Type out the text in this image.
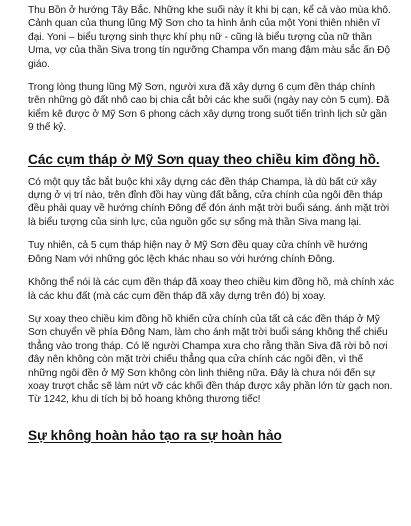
Thu Bồn ở hướng Tây Bắc. Những khe suối này ít khi bị cạn, kể cả vào mùa khô. Cảnh quan của thung lũng Mỹ Sơn cho ta hình ảnh của một Yoni thiên nhiên vĩ đại. Yoni – biểu tượng sinh thực khí phụ nữ - cũng là biểu tượng của nữ thần Uma, vợ của thần Siva trong tín ngưỡng Champa vốn mang đậm màu sắc ấn Độ giáo.

Trong lòng thung lũng Mỹ Sơn, người xưa đã xây dựng 6 cụm đền tháp chính trên những gò đất nhô cao bị chia cắt bởi các khe suối (ngày nay còn 5 cụm). Đã kiểm kê được ở Mỹ Sơn 6 phong cách xây dựng trong suốt tiến trình lịch sử gần 9 thế kỷ.

Các cụm tháp ở Mỹ Sơn quay theo chiều kim đồng hồ.

Có một quy tắc bắt buộc khi xây dựng các đền tháp Champa, là dù bất cứ xây dựng ở vị trí nào, trên đỉnh đồi hay vùng đất bằng, cửa chính của ngôi đền tháp đều phải quay về hướng chính Đông để đón ánh mặt trời buổi sáng. ánh mặt trời là biểu tượng của sinh lực, của nguồn gốc sự sống mà thần Siva mang lại.

Tuy nhiên, cả 5 cụm tháp hiện nay ở Mỹ Sơn đều quay cửa chính về hướng Đông Nam với những góc lệch khác nhau so với hướng chính Đông.

Không thể nói là các cụm đền tháp đã xoay theo chiều kim đồng hồ, mà chính xác là các khu đất (mà các cụm đền tháp đã xây dựng trên đó) bị xoay.

Sự xoay theo chiều kim đồng hồ khiến cửa chính của tất cả các đền tháp ở Mỹ Sơn chuyển về phía Đông Nam, làm cho ánh mặt trời buổi sáng không thể chiếu thẳng vào trong tháp. Có lẽ người Champa xưa cho rằng thần Siva đã rời bỏ nơi đây nên không còn mặt trời chiếu thẳng qua cửa chính các ngôi đền, vì thế những ngôi đền ở Mỹ Sơn không còn linh thiêng nữa. Đây là chưa nói đến sự xoay trượt chắc sẽ làm nứt vỡ các khối đền tháp được xây phần lớn từ gạch non. Từ 1242, khu di tích bị bỏ hoang không thương tiếc!

Sự không hoàn hảo tạo ra sự hoàn hảo
